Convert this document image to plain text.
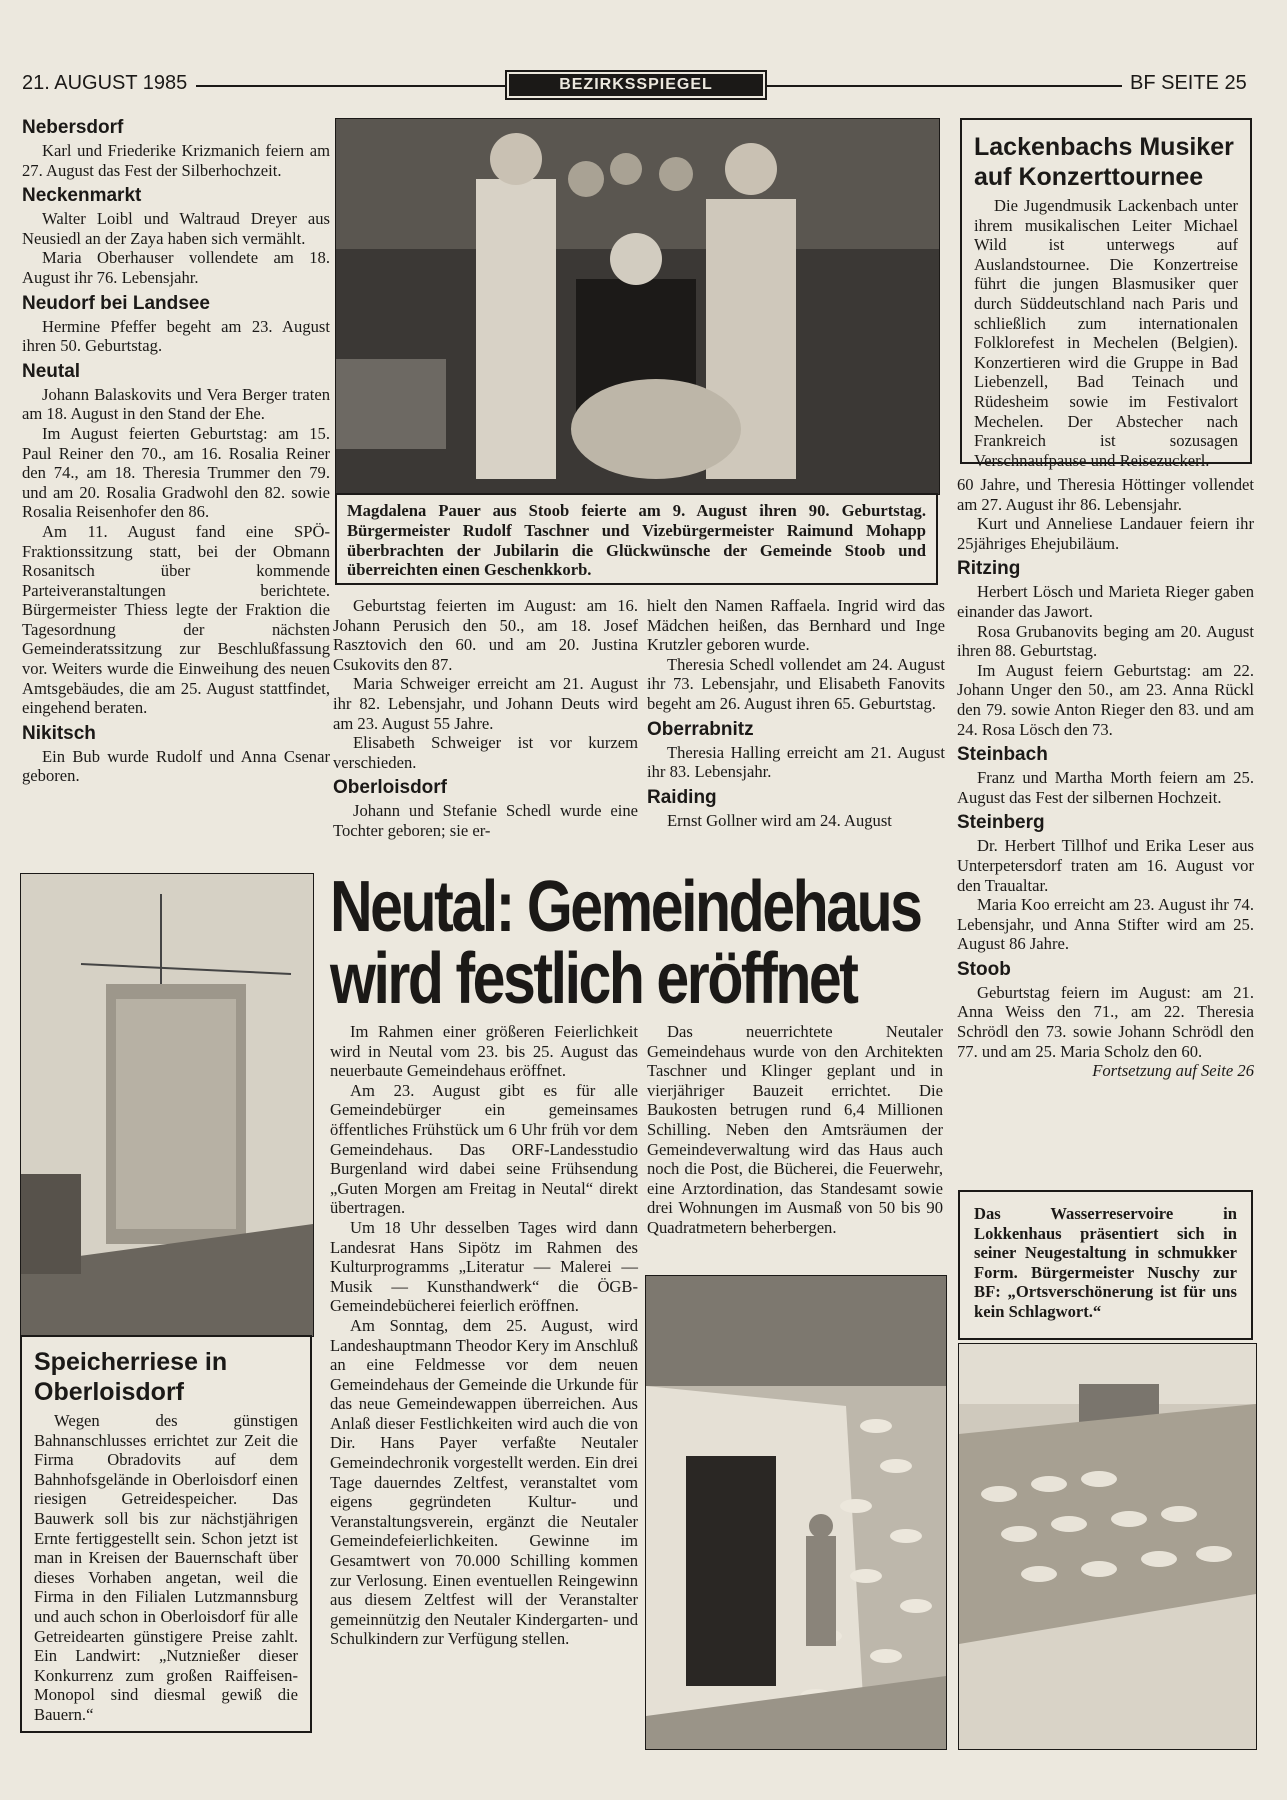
21. AUGUST 1985	BEZIRKSSPIEGEL	BF SEITE 25
Nebersdorf

Karl und Friederike Krizmanich feiern am 27. August das Fest der Silberhochzeit.

Neckenmarkt

Walter Loibl und Waltraud Dreyer aus Neusiedl an der Zaya haben sich vermählt.

Maria Oberhauser vollendete am 18. August ihr 76. Lebensjahr.

Neudorf bei Landsee

Hermine Pfeffer begeht am 23. August ihren 50. Geburtstag.

Neutal

Johann Balaskovits und Vera Berger traten am 18. August in den Stand der Ehe.

Im August feierten Geburtstag: am 15. Paul Reiner den 70., am 16. Rosalia Reiner den 74., am 18. Theresia Trummer den 79. und am 20. Rosalia Gradwohl den 82. sowie Rosalia Reisenhofer den 86.

Am 11. August fand eine SPÖ-Fraktionssitzung statt, bei der Obmann Rosanitsch über kommende Parteiveranstaltungen berichtete. Bürgermeister Thiess legte der Fraktion die Tagesordnung der nächsten Gemeinderatssitzung zur Beschlußfassung vor. Weiters wurde die Einweihung des neuen Amtsgebäudes, die am 25. August stattfindet, eingehend beraten.

Nikitsch

Ein Bub wurde Rudolf und Anna Csenar geboren.

Magdalena Pauer aus Stoob feierte am 9. August ihren 90. Geburtstag. Bürgermeister Rudolf Taschner und Vizebürgermeister Raimund Mohapp überbrachten der Jubilarin die Glückwünsche der Gemeinde Stoob und überreichten einen Geschenkkorb.

Geburtstag feierten im August: am 16. Johann Perusich den 50., am 18. Josef Rasztovich den 60. und am 20. Justina Csukovits den 87.

Maria Schweiger erreicht am 21. August ihr 82. Lebensjahr, und Johann Deuts wird am 23. August 55 Jahre.

Elisabeth Schweiger ist vor kurzem verschieden.

Oberloisdorf

Johann und Stefanie Schedl wurde eine Tochter geboren; sie er-

hielt den Namen Raffaela. Ingrid wird das Mädchen heißen, das Bernhard und Inge Krutzler geboren wurde.

Theresia Schedl vollendet am 24. August ihr 73. Lebensjahr, und Elisabeth Fanovits begeht am 26. August ihren 65. Geburtstag.

Oberrabnitz

Theresia Halling erreicht am 21. August ihr 83. Lebensjahr.

Raiding

Ernst Gollner wird am 24. August

Lackenbachs Musiker auf Konzerttournee

Die Jugendmusik Lackenbach unter ihrem musikalischen Leiter Michael Wild ist unterwegs auf Auslandstournee. Die Konzertreise führt die jungen Blasmusiker quer durch Süddeutschland nach Paris und schließlich zum internationalen Folklorefest in Mechelen (Belgien). Konzertieren wird die Gruppe in Bad Liebenzell, Bad Teinach und Rüdesheim sowie im Festivalort Mechelen. Der Abstecher nach Frankreich ist sozusagen Verschnaufpause und Reisezuckerl.

60 Jahre, und Theresia Höttinger vollendet am 27. August ihr 86. Lebensjahr.

Kurt und Anneliese Landauer feiern ihr 25jähriges Ehejubiläum.

Ritzing

Herbert Lösch und Marieta Rieger gaben einander das Jawort.

Rosa Grubanovits beging am 20. August ihren 88. Geburtstag.

Im August feiern Geburtstag: am 22. Johann Unger den 50., am 23. Anna Rückl den 79. sowie Anton Rieger den 83. und am 24. Rosa Lösch den 73.

Steinbach

Franz und Martha Morth feiern am 25. August das Fest der silbernen Hochzeit.

Steinberg

Dr. Herbert Tillhof und Erika Leser aus Unterpetersdorf traten am 16. August vor den Traualtar.

Maria Koo erreicht am 23. August ihr 74. Lebensjahr, und Anna Stifter wird am 25. August 86 Jahre.

Stoob

Geburtstag feiern im August: am 21. Anna Weiss den 71., am 22. Theresia Schrödl den 73. sowie Johann Schrödl den 77. und am 25. Maria Scholz den 60.

Fortsetzung auf Seite 26

Das Wasserreservoire in Lokkenhaus präsentiert sich in seiner Neugestaltung in schmukker Form. Bürgermeister Nuschy zur BF: „Ortsverschönerung ist für uns kein Schlagwort.“
Speicherriese in Oberloisdorf

Wegen des günstigen Bahnanschlusses errichtet zur Zeit die Firma Obradovits auf dem Bahnhofsgelände in Oberloisdorf einen riesigen Getreidespeicher. Das Bauwerk soll bis zur nächstjährigen Ernte fertiggestellt sein. Schon jetzt ist man in Kreisen der Bauernschaft über dieses Vorhaben angetan, weil die Firma in den Filialen Lutzmannsburg und auch schon in Oberloisdorf für alle Getreidearten günstigere Preise zahlt. Ein Landwirt: „Nutznießer dieser Konkurrenz zum großen Raiffeisen-Monopol sind diesmal gewiß die Bauern.“

Neutal: Gemeindehaus
wird festlich eröffnet

Im Rahmen einer größeren Feierlichkeit wird in Neutal vom 23. bis 25. August das neuerbaute Gemeindehaus eröffnet.

Am 23. August gibt es für alle Gemeindebürger ein gemeinsames öffentliches Frühstück um 6 Uhr früh vor dem Gemeindehaus. Das ORF-Landesstudio Burgenland wird dabei seine Frühsendung „Guten Morgen am Freitag in Neutal“ direkt übertragen.

Um 18 Uhr desselben Tages wird dann Landesrat Hans Sipötz im Rahmen des Kulturprogramms „Literatur — Malerei — Musik — Kunsthandwerk“ die ÖGB-Gemeindebücherei feierlich eröffnen.

Am Sonntag, dem 25. August, wird Landeshauptmann Theodor Kery im Anschluß an eine Feldmesse vor dem neuen Gemeindehaus der Gemeinde die Urkunde für das neue Gemeindewappen überreichen. Aus Anlaß dieser Festlichkeiten wird auch die von Dir. Hans Payer verfaßte Neutaler Gemeindechronik vorgestellt werden. Ein drei Tage dauerndes Zeltfest, veranstaltet vom eigens gegründeten Kultur- und Veranstaltungsverein, ergänzt die Neutaler Gemeindefeierlichkeiten. Gewinne im Gesamtwert von 70.000 Schilling kommen zur Verlosung. Einen eventuellen Reingewinn aus diesem Zeltfest will der Veranstalter gemeinnützig den Neutaler Kindergarten- und Schulkindern zur Verfügung stellen.

Das neuerrichtete Neutaler Gemeindehaus wurde von den Architekten Taschner und Klinger geplant und in vierjähriger Bauzeit errichtet. Die Baukosten betrugen rund 6,4 Millionen Schilling. Neben den Amtsräumen der Gemeindeverwaltung wird das Haus auch noch die Post, die Bücherei, die Feuerwehr, eine Arztordination, das Standesamt sowie drei Wohnungen im Ausmaß von 50 bis 90 Quadratmetern beherbergen.
